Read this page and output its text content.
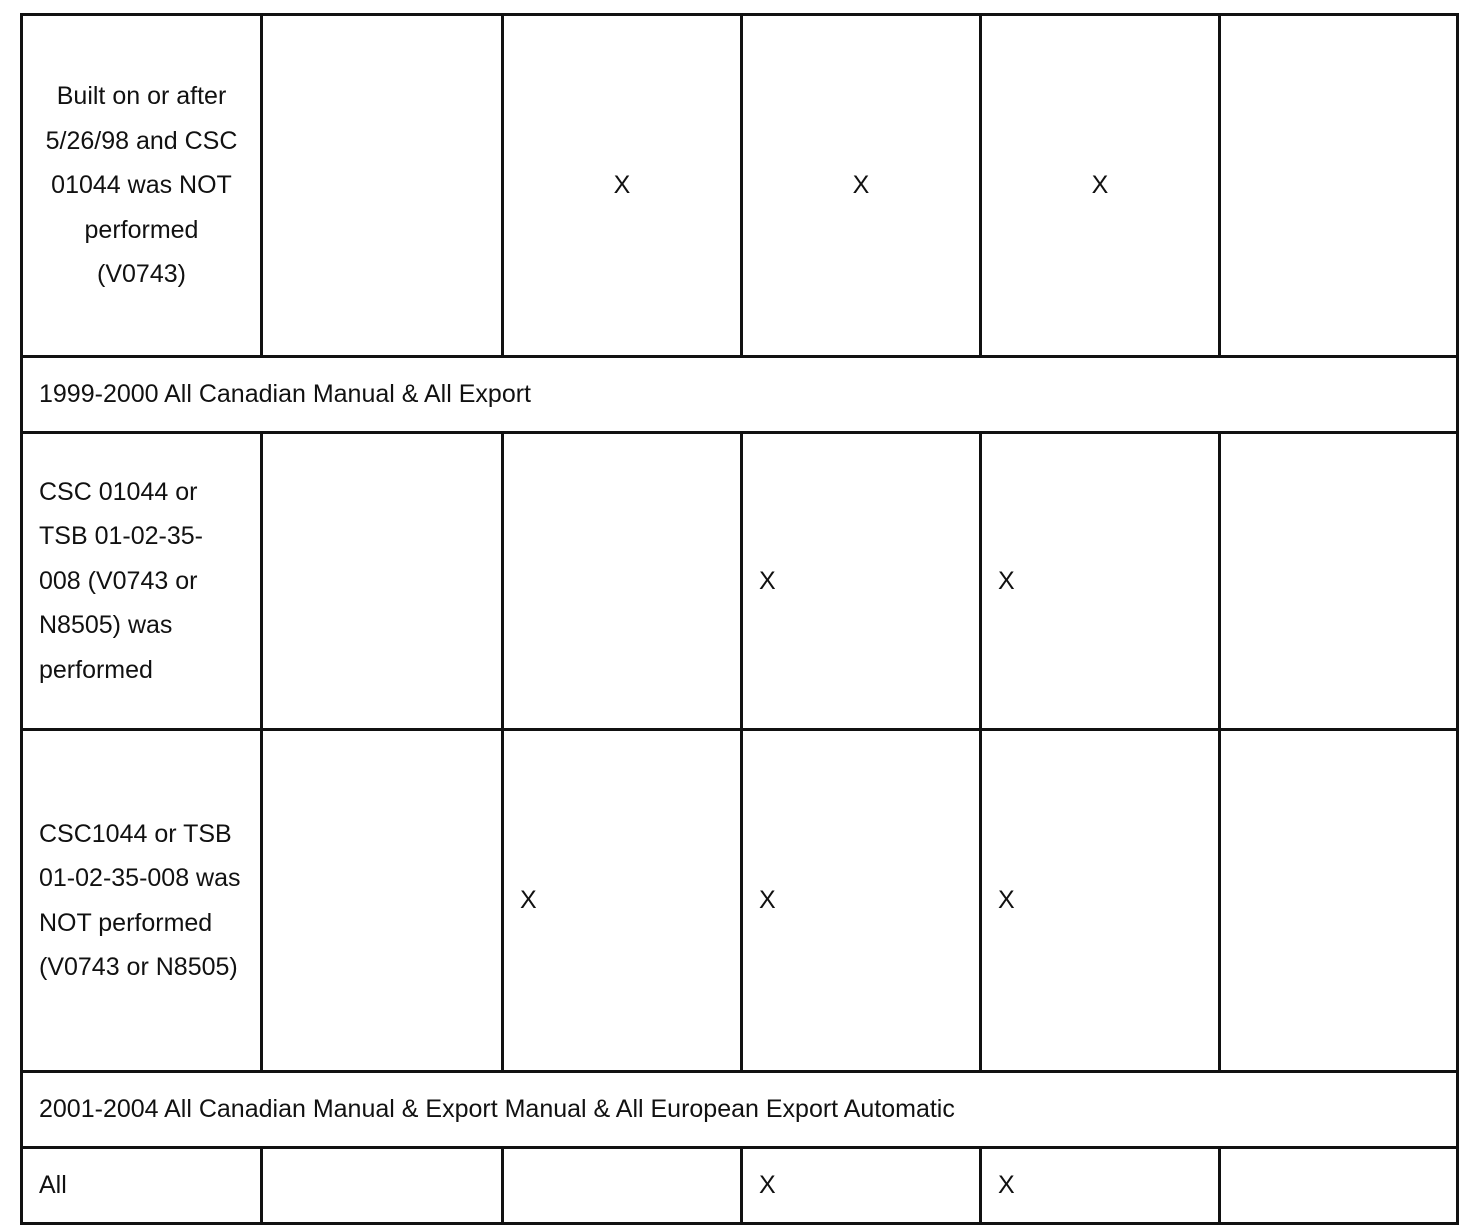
Built on or after 5/26/98 and CSC 01044 was NOT performed (V0743)		X	X	X	
1999-2000 All Canadian Manual & All Export					
CSC 01044 or TSB 01-02-35-008 (V0743 or N8505) was performed			X	X	
CSC1044 or TSB 01-02-35-008 was NOT performed (V0743 or N8505)		X	X	X	
2001-2004 All Canadian Manual & Export Manual & All European Export Automatic					
All			X	X	
